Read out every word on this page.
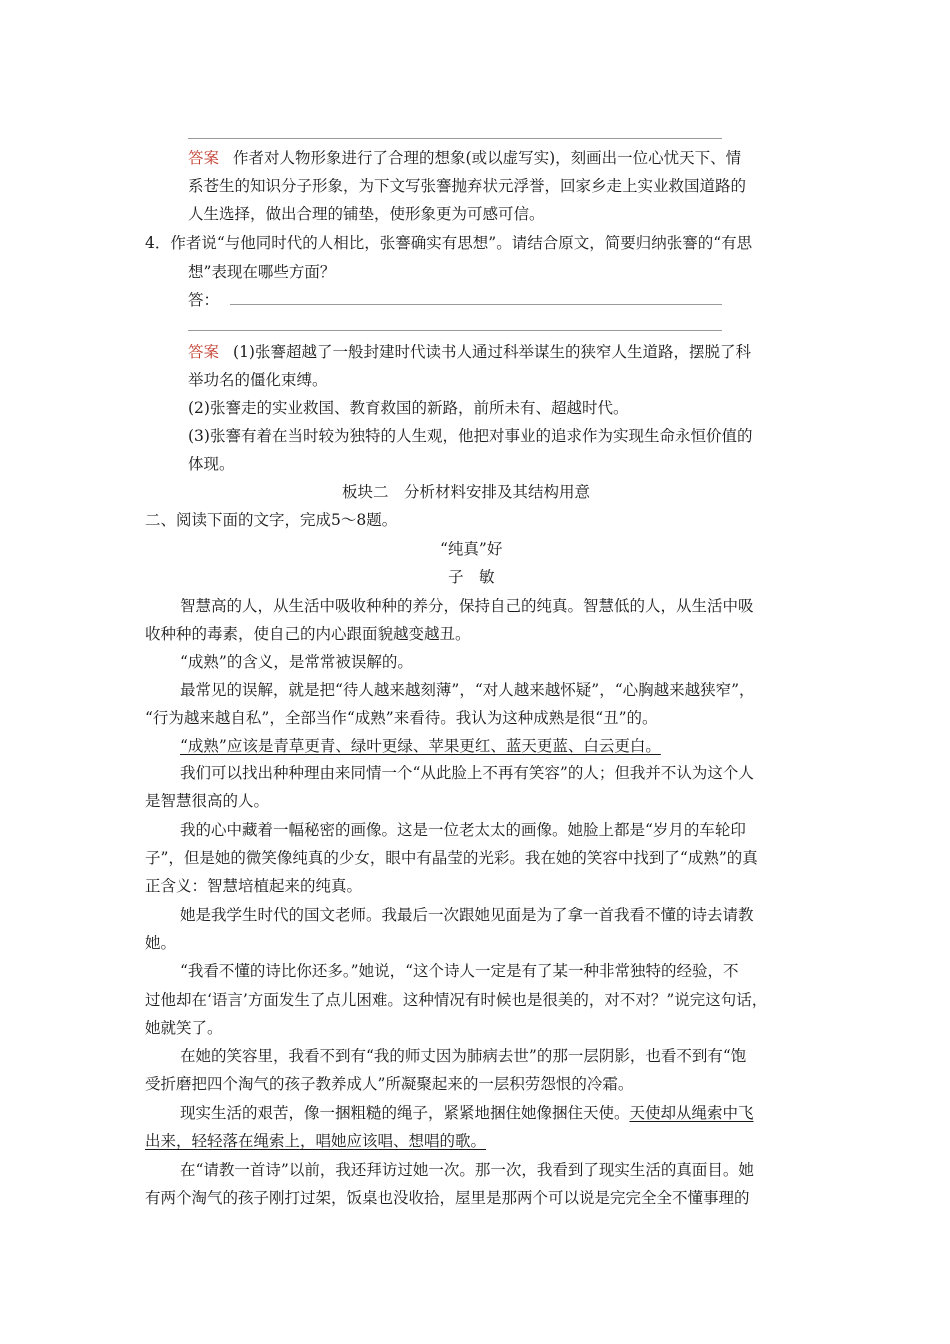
答案 作者对人物形象进行了合理的想象(或以虚写实)，刻画出一位心忧天下、情
系苍生的知识分子形象，为下文写张謇抛弃状元浮誉，回家乡走上实业救国道路的
人生选择，做出合理的铺垫，使形象更为可感可信。
4．作者说“与他同时代的人相比，张謇确实有思想”。请结合原文，简要归纳张謇的“有思
想”表现在哪些方面？
答：
答案 (1)张謇超越了一般封建时代读书人通过科举谋生的狭窄人生道路，摆脱了科
举功名的僵化束缚。
(2)张謇走的实业救国、教育救国的新路，前所未有、超越时代。
(3)张謇有着在当时较为独特的人生观，他把对事业的追求作为实现生命永恒价值的
体现。
板块二　分析材料安排及其结构用意
二、阅读下面的文字，完成5～8题。
“纯真”好
子　敏
智慧高的人，从生活中吸收种种的养分，保持自己的纯真。智慧低的人，从生活中吸
收种种的毒素，使自己的内心跟面貌越变越丑。
“成熟”的含义，是常常被误解的。
最常见的误解，就是把“待人越来越刻薄”，“对人越来越怀疑”，“心胸越来越狭窄”，
“行为越来越自私”，全部当作“成熟”来看待。我认为这种成熟是很“丑”的。
“成熟”应该是青草更青、绿叶更绿、苹果更红、蓝天更蓝、白云更白。
我们可以找出种种理由来同情一个“从此脸上不再有笑容”的人；但我并不认为这个人
是智慧很高的人。
我的心中藏着一幅秘密的画像。这是一位老太太的画像。她脸上都是“岁月的车轮印
子”，但是她的微笑像纯真的少女，眼中有晶莹的光彩。我在她的笑容中找到了“成熟”的真
正含义：智慧培植起来的纯真。
她是我学生时代的国文老师。我最后一次跟她见面是为了拿一首我看不懂的诗去请教
她。
“我看不懂的诗比你还多。”她说，“这个诗人一定是有了某一种非常独特的经验，不
过他却在‘语言’方面发生了点儿困难。这种情况有时候也是很美的，对不对？”说完这句话，
她就笑了。
在她的笑容里，我看不到有“我的师丈因为肺病去世”的那一层阴影，也看不到有“饱
受折磨把四个淘气的孩子教养成人”所凝聚起来的一层积劳怨恨的冷霜。
现实生活的艰苦，像一捆粗糙的绳子，紧紧地捆住她像捆住天使。天使却从绳索中飞
出来，轻轻落在绳索上，唱她应该唱、想唱的歌。
在“请教一首诗”以前，我还拜访过她一次。那一次，我看到了现实生活的真面目。她
有两个淘气的孩子刚打过架，饭桌也没收拾，屋里是那两个可以说是完完全全不懂事理的
